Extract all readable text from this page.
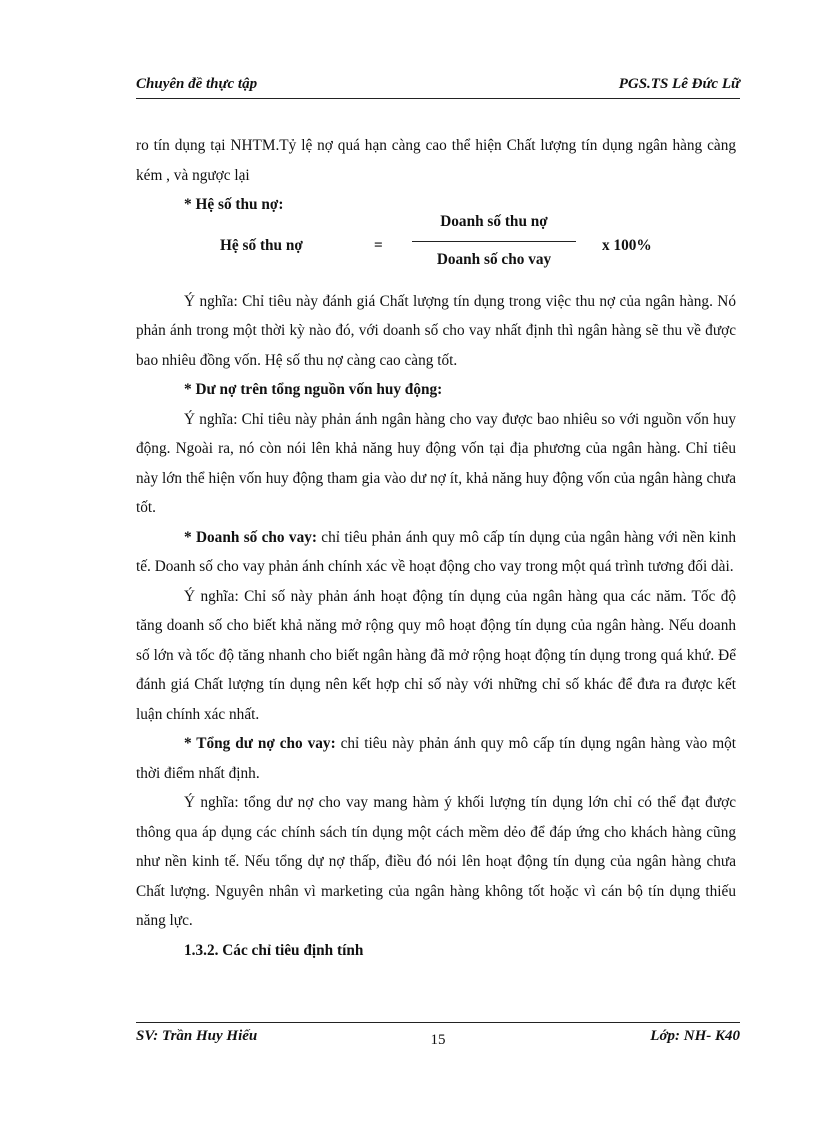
Chuyên đề thực tập	PGS.TS Lê Đức Lữ

ro tín dụng tại NHTM.Tỷ lệ nợ quá hạn càng cao thể hiện Chất lượng tín dụng ngân hàng càng kém , và ngược lại

* Hệ số thu nợ:

Hệ số thu nợ	=
Doanh số thu nợ
Doanh số cho vay
x 100%

Ý nghĩa: Chỉ tiêu này đánh giá Chất lượng tín dụng trong việc thu nợ của ngân hàng. Nó phản ánh trong một thời kỳ nào đó, với doanh số cho vay nhất định thì ngân hàng sẽ thu về được bao nhiêu đồng vốn. Hệ số thu nợ càng cao càng tốt.

* Dư nợ trên tổng nguồn vốn huy động:

Ý nghĩa: Chỉ tiêu này phản ánh ngân hàng cho vay được bao nhiêu so với nguồn vốn huy động. Ngoài ra, nó còn nói lên khả năng huy động vốn tại địa phương của ngân hàng. Chỉ tiêu này lớn thể hiện vốn huy động tham gia vào dư nợ ít, khả năng huy động vốn của ngân hàng chưa tốt.

* Doanh số cho vay: chỉ tiêu phản ánh quy mô cấp tín dụng của ngân hàng với nền kinh tế. Doanh số cho vay phản ánh chính xác về hoạt động cho vay trong một quá trình tương đối dài.

Ý nghĩa: Chỉ số này phản ánh hoạt động tín dụng của ngân hàng qua các năm. Tốc độ tăng doanh số cho biết khả năng mở rộng quy mô hoạt động tín dụng của ngân hàng. Nếu doanh số lớn và tốc độ tăng nhanh cho biết ngân hàng đã mở rộng hoạt động tín dụng trong quá khứ. Để đánh giá Chất lượng tín dụng nên kết hợp chỉ số này với những chỉ số khác để đưa ra được kết luận chính xác nhất.

* Tổng dư nợ cho vay: chỉ tiêu này phản ánh quy mô cấp tín dụng ngân hàng vào một thời điểm nhất định.

Ý nghĩa: tổng dư nợ cho vay mang hàm ý khối lượng tín dụng lớn chỉ có thể đạt được thông qua áp dụng các chính sách tín dụng một cách mềm dẻo để đáp ứng cho khách hàng cũng như nền kinh tế. Nếu tổng dự nợ thấp, điều đó nói lên hoạt động tín dụng của ngân hàng chưa Chất lượng. Nguyên nhân vì marketing của ngân hàng không tốt hoặc vì cán bộ tín dụng thiếu năng lực.

1.3.2. Các chỉ tiêu định tính

SV: Trần Huy Hiếu	15	Lớp: NH- K40
